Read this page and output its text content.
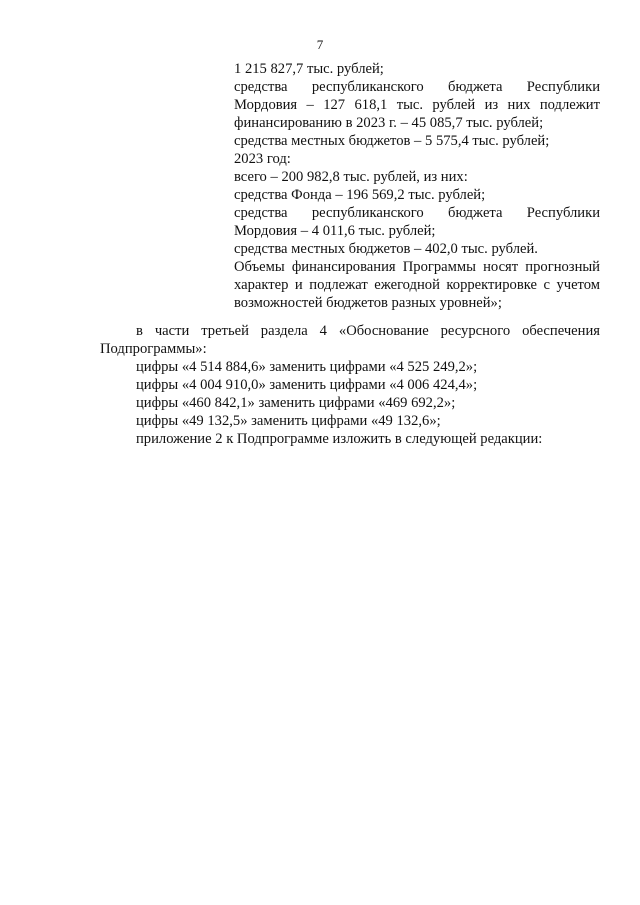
7

1 215 827,7 тыс. рублей;

средства республиканского бюджета Республики Мордовия – 127 618,1 тыс. рублей из них подлежит финансированию в 2023 г. – 45 085,7 тыс. рублей;

средства местных бюджетов – 5 575,4 тыс. рублей;

2023 год:

всего – 200 982,8 тыс. рублей, из них:

средства Фонда – 196 569,2 тыс. рублей;

средства республиканского бюджета Республики Мордовия – 4 011,6 тыс. рублей;

средства местных бюджетов – 402,0 тыс. рублей.

Объемы финансирования Программы носят прогнозный характер и подлежат ежегодной корректировке с учетом возможностей бюджетов разных уровней»;

в части третьей раздела 4 «Обоснование ресурсного обеспечения Подпрограммы»:

цифры «4 514 884,6» заменить цифрами «4 525 249,2»;

цифры «4 004 910,0» заменить цифрами «4 006 424,4»;

цифры «460 842,1» заменить цифрами «469 692,2»;

цифры «49 132,5» заменить цифрами «49 132,6»;

приложение 2 к Подпрограмме изложить в следующей редакции:
